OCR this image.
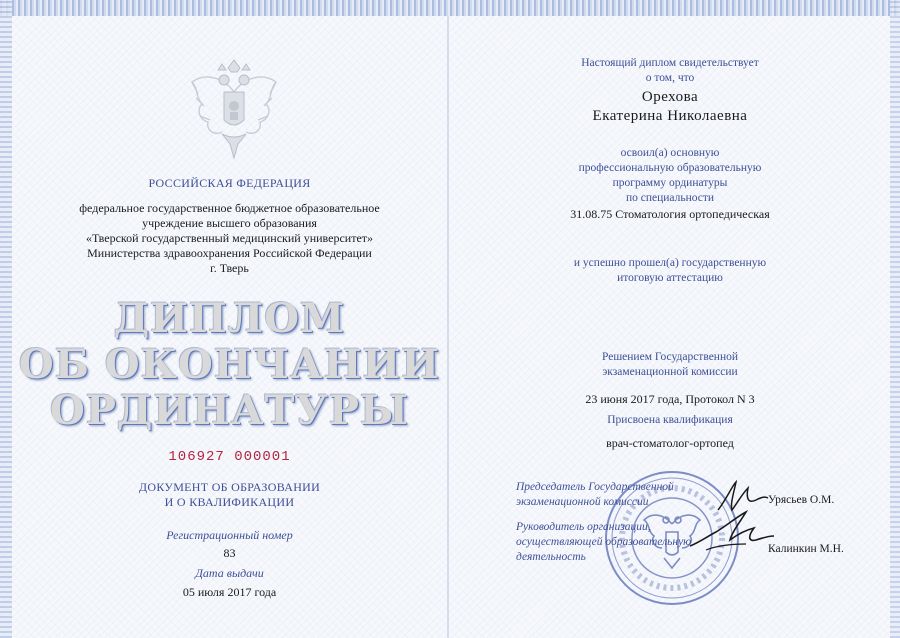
РОССИЙСКАЯ ФЕДЕРАЦИЯ
федеральное государственное бюджетное образовательное
учреждение высшего образования
«Тверской государственный медицинский университет»
Министерства здравоохранения Российской Федерации
г. Тверь
ДИПЛОМ
ОБ ОКОНЧАНИИ
ОРДИНАТУРЫ
106927 000001
ДОКУМЕНТ ОБ ОБРАЗОВАНИИ
И О КВАЛИФИКАЦИИ
Регистрационный номер
83
Дата выдачи
05 июля 2017 года
Настоящий диплом свидетельствует
о том, что
Орехова
Екатерина Николаевна
освоил(а) основную
профессиональную образовательную
программу ординатуры
по специальности
31.08.75 Стоматология ортопедическая
и успешно прошел(а) государственную
итоговую аттестацию
Решением Государственной
экзаменационной комиссии
23 июня 2017 года, Протокол N 3
Присвоена квалификация
врач-стоматолог-ортопед
Председатель Государственной
экзаменационной комиссии
Руководитель организации,
осуществляющей образовательную
деятельность
Урясьев О.М.
Калинкин М.Н.
